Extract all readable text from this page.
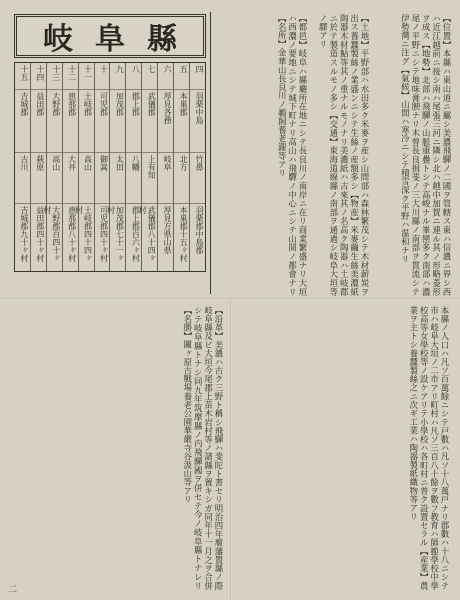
岐阜縣
四
羽栗中島
竹鼻
羽栗郡中島郡
五
本巣郡
北方
本巣郡十五ヶ村
六
厚見各務
岐阜
厚見方県山県
七
武儀郡
上有知
武儀郡八十四ヶ村
八
郡上郡
八幡
郡上郡百六ヶ村
九
加茂郡
太田
加茂郡七十一ヶ村
十
可児郡
御嵩
可児郡四十ヶ村
十一
土岐郡
高山
土岐郡四十四ヶ村
十二
恵那郡
大井
恵那郡八十ヶ村
十三
大野郡
高山
大野郡百四十ヶ村
十四
益田郡
萩原
益田郡四十ヶ村
十五
吉城郡
古川
吉城郡九十ヶ村	【都邑】岐阜ハ縣廳所在地ニシテ長良川ノ南岸ニ在リ商業繁盛ナリ大垣ハ西濃ノ要地ニシテ城下町ナリ高山ハ飛驒ノ中心ニシテ山間ノ都會ナリ【名所】金華山長良川ノ鵜飼養老瀧等アリ	【土地】平野部ハ水田多ク米麥ヲ産シ山間部ハ森林繁茂シテ木材薪炭ヲ出ス養蠶製絲ノ業盛ンニシテ生絲ノ産額多シ【物産】米麥繭生絲美濃紙陶器木材鮎等其ノ重ナルモノナリ美濃紙ハ古來其ノ名高ク陶器ハ土岐郡ニ於テ製造スルモノ多シ【交通】東海道線縣ノ南部ヲ通過シ岐阜大垣等ノ驛アリ	【位置】本縣ハ東山道ニ屬シ美濃飛驒ノ二國ヲ管轄ス東ハ信濃ニ界シ西ハ近江越前ニ接シ南ハ尾張三河ニ隣シ北ハ越中加賀ニ連ル其ノ形略菱形ヲ成ス【地勢】北部ハ飛驒ノ山脈重疊トシテ高峻ナル峯巒多ク南部ハ濃尾ノ平野ニシテ地味膏腴ナリ木曾長良揖斐ノ三大川縣ノ南部ヲ貫流シテ伊勢灣ニ注グ【氣候】山間ハ寒冷ニシテ積雪深ク平野ハ温和ナリ
【沿革】美濃ハ古ク三野ト稱シ飛驒ハ斐陀ト書セリ明治四年廢藩置縣ノ際岐阜縣及ビ大垣今尾郡上苗木岩村等ノ諸縣ヲ置キシガ同年十一月之ヲ合併シテ岐阜縣トナシ同九年筑摩縣ノ内飛驒國ヲ併セテ今ノ岐阜縣トナレリ【名勝】關ヶ原古戰場養老公園華嚴寺谷汲山等アリ	本縣ノ人口ハ凡ソ百萬餘ニシテ戸數ハ凡ソ十八萬戸ナリ郡數ハ十八ニシテ市ハ岐阜大垣ノ二市アリ町村ハ凡ソ三百八十餘ヲ數フ教育ハ師範學校中學校高等女學校等ノ設ケアリテ小學校ハ各町村ニ普ク設置セラル【産業】農業ヲ主トシ養蠶製絲之ニ次ギ工業ハ陶器製紙織物等アリ
二
